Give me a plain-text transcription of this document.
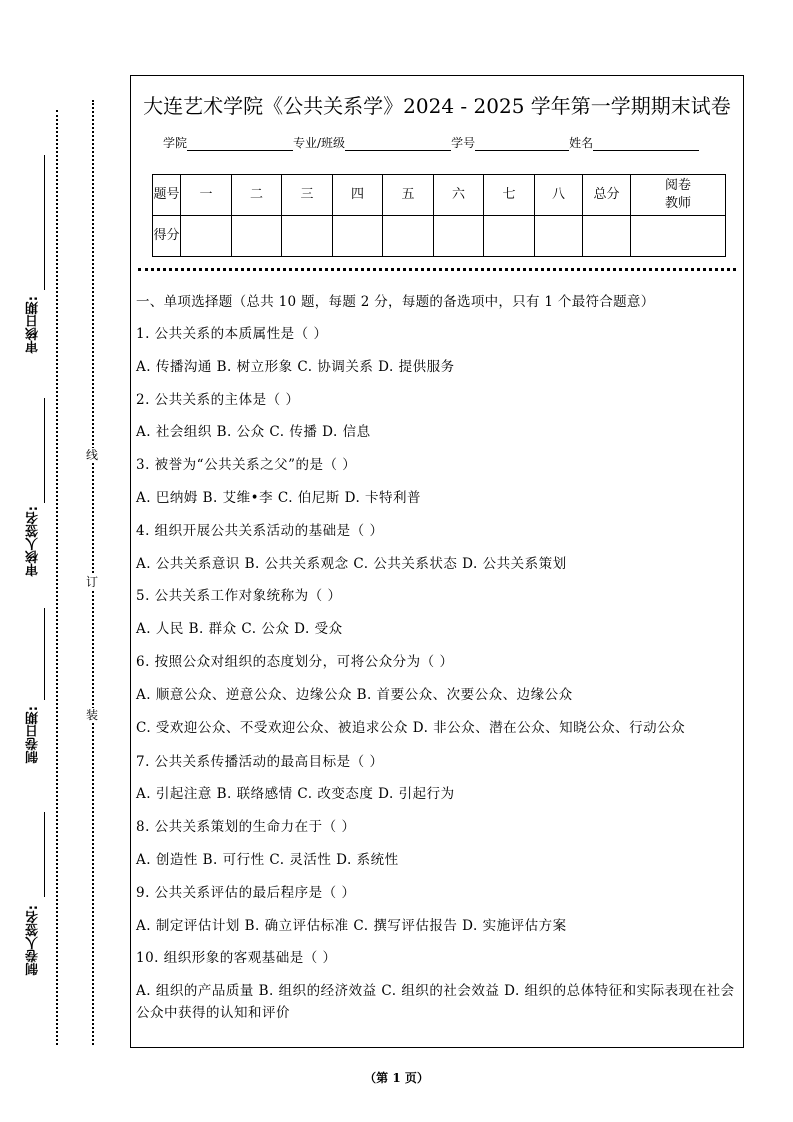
审核日期:
审核人签名:
制卷日期:
制卷人签名:
线
订
装
大连艺术学院《公共关系学》2024 - 2025 学年第一学期期末试卷
学院	专业/班级	学号	姓名
题号	一	二	三	四	五	六	七	八	总分	阅卷教师
得分										
一、单项选择题（总共 10 题，每题 2 分，每题的备选项中，只有 1 个最符合题意）
1. 公共关系的本质属性是（ ）
A. 传播沟通 B. 树立形象 C. 协调关系 D. 提供服务
2. 公共关系的主体是（ ）
A. 社会组织 B. 公众 C. 传播 D. 信息
3. 被誉为“公共关系之父”的是（ ）
A. 巴纳姆 B. 艾维•李 C. 伯尼斯 D. 卡特利普
4. 组织开展公共关系活动的基础是（ ）
A. 公共关系意识 B. 公共关系观念 C. 公共关系状态 D. 公共关系策划
5. 公共关系工作对象统称为（ ）
A. 人民 B. 群众 C. 公众 D. 受众
6. 按照公众对组织的态度划分，可将公众分为（ ）
A. 顺意公众、逆意公众、边缘公众 B. 首要公众、次要公众、边缘公众
C. 受欢迎公众、不受欢迎公众、被追求公众 D. 非公众、潜在公众、知晓公众、行动公众
7. 公共关系传播活动的最高目标是（ ）
A. 引起注意 B. 联络感情 C. 改变态度 D. 引起行为
8. 公共关系策划的生命力在于（ ）
A. 创造性 B. 可行性 C. 灵活性 D. 系统性
9. 公共关系评估的最后程序是（ ）
A. 制定评估计划 B. 确立评估标准 C. 撰写评估报告 D. 实施评估方案
10. 组织形象的客观基础是（ ）
A. 组织的产品质量 B. 组织的经济效益 C. 组织的社会效益 D. 组织的总体特征和实际表现在社会公众中获得的认知和评价
（第 1 页）
